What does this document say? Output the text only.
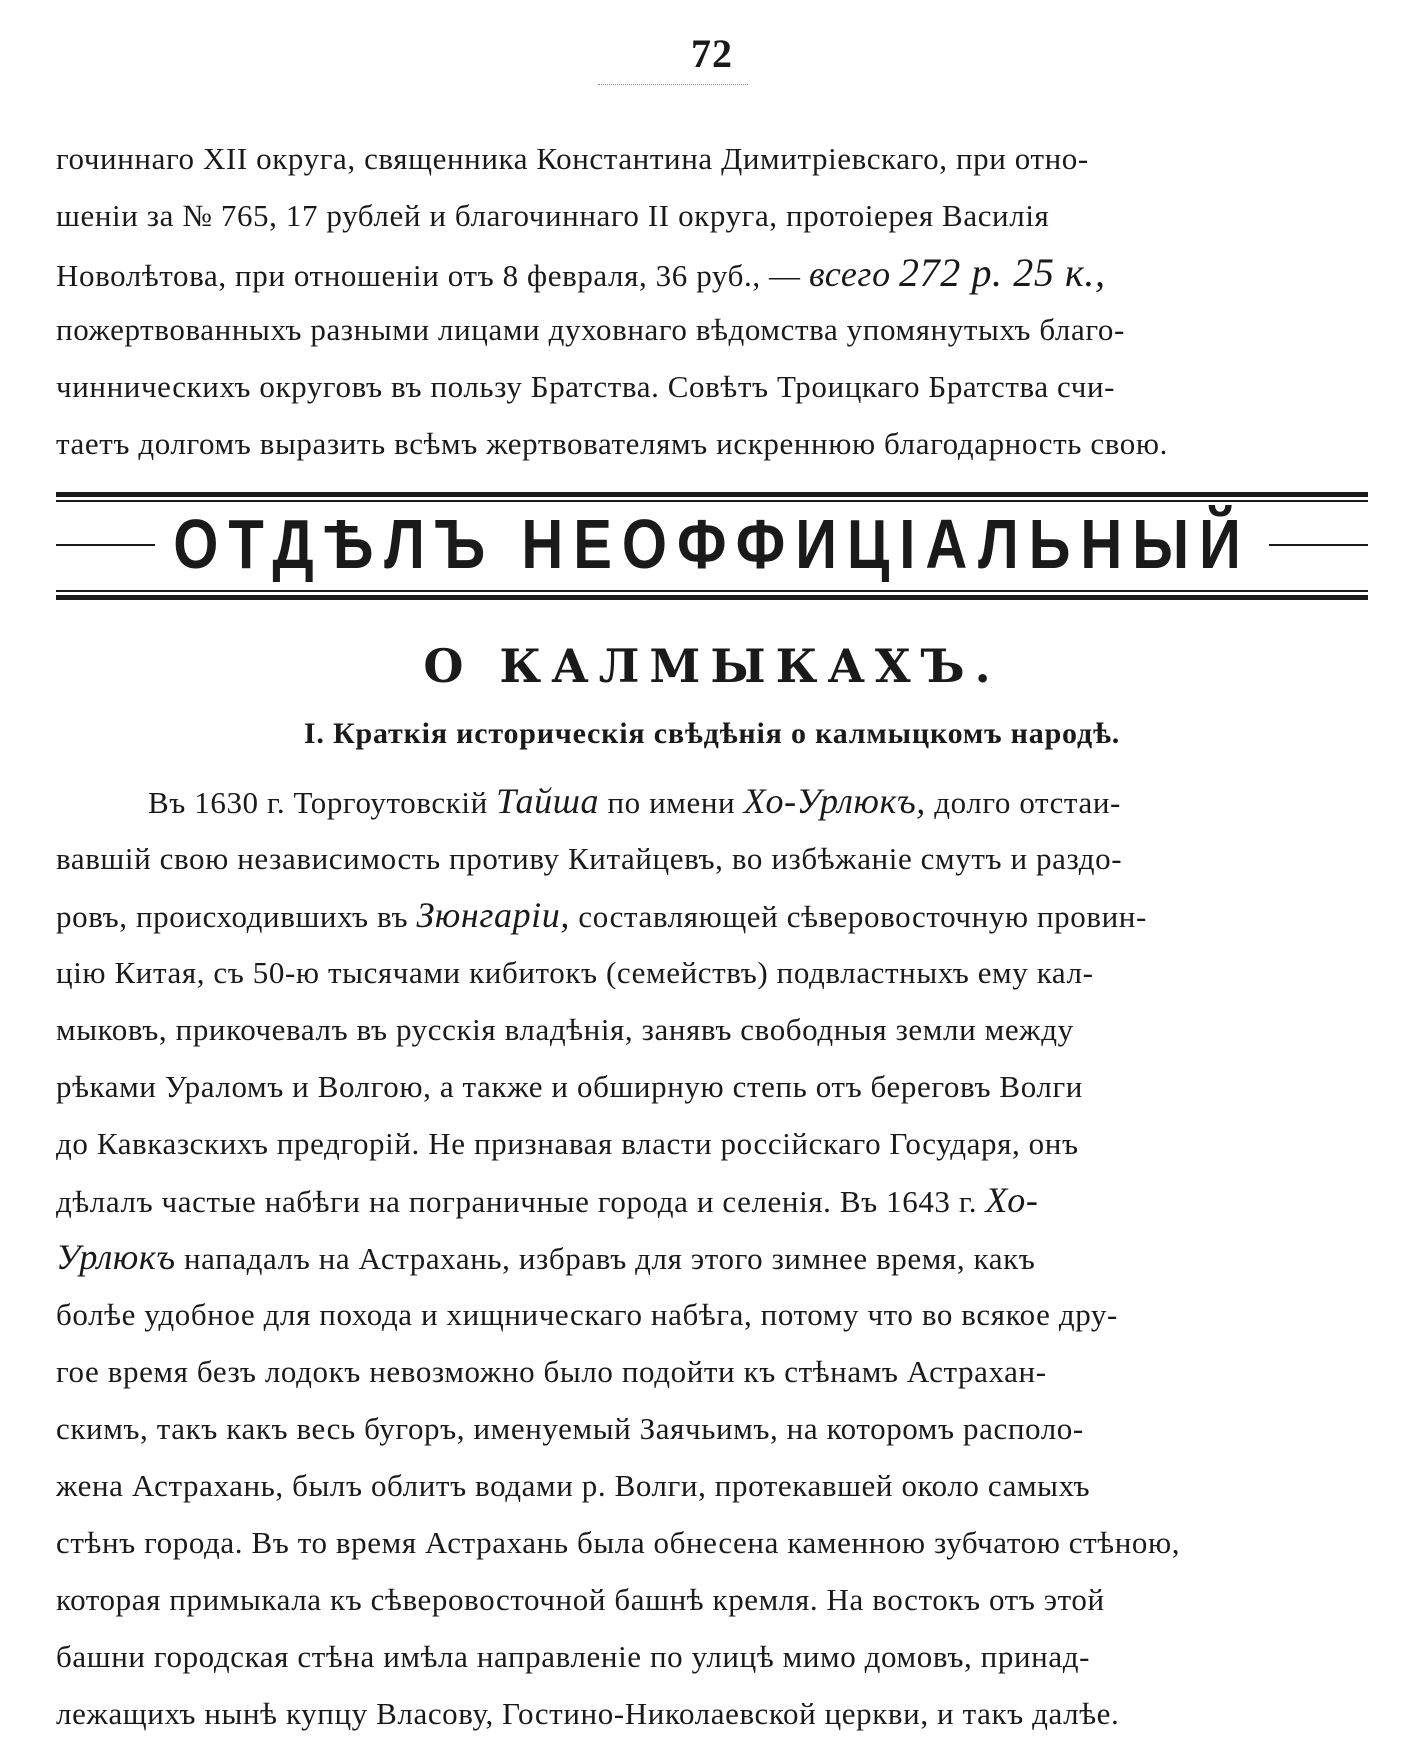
72
гочиннаго XII округа, священника Константина Димитріевскаго, при отно-
шеніи за № 765, 17 рублей и благочиннаго II округа, протоіерея Василія
Новолѣтова, при отношеніи отъ 8 февраля, 36 руб., — всего 272 р. 25 к.,
пожертвованныхъ разными лицами духовнаго вѣдомства упомянутыхъ благо-
чинническихъ округовъ въ пользу Братства. Совѣтъ Троицкаго Братства счи-
таетъ долгомъ выразить всѣмъ жертвователямъ искреннюю благодарность свою.
ОТДѢЛЪ НЕОФФИЦІАЛЬНЫЙ
О КАЛМЫКАХЪ.
I. Краткія историческія свѣдѣнія о калмыцкомъ народѣ.
Въ 1630 г. Торгоутовскій Тайша по имени Хо-Урлюкъ, долго отстаи-
вавшій свою независимость противу Китайцевъ, во избѣжаніе смутъ и раздо-
ровъ, происходившихъ въ Зюнгаріи, составляющей сѣверовосточную провин-
цію Китая, съ 50-ю тысячами кибитокъ (семействъ) подвластныхъ ему кал-
мыковъ, прикочевалъ въ русскія владѣнія, занявъ свободныя земли между
рѣками Ураломъ и Волгою, а также и обширную степь отъ береговъ Волги
до Кавказскихъ предгорій. Не признавая власти россійскаго Государя, онъ
дѣлалъ частые набѣги на пограничные города и селенія. Въ 1643 г. Хо-
Урлюкъ нападалъ на Астрахань, избравъ для этого зимнее время, какъ
болѣе удобное для похода и хищническаго набѣга, потому что во всякое дру-
гое время безъ лодокъ невозможно было подойти къ стѣнамъ Астрахан-
скимъ, такъ какъ весь бугоръ, именуемый Заячьимъ, на которомъ располо-
жена Астрахань, былъ облитъ водами р. Волги, протекавшей около самыхъ
стѣнъ города. Въ то время Астрахань была обнесена каменною зубчатою стѣною,
которая примыкала къ сѣверовосточной башнѣ кремля. На востокъ отъ этой
башни городская стѣна имѣла направленіе по улицѣ мимо домовъ, принад-
лежащихъ нынѣ купцу Власову, Гостино-Николаевской церкви, и такъ далѣе.
